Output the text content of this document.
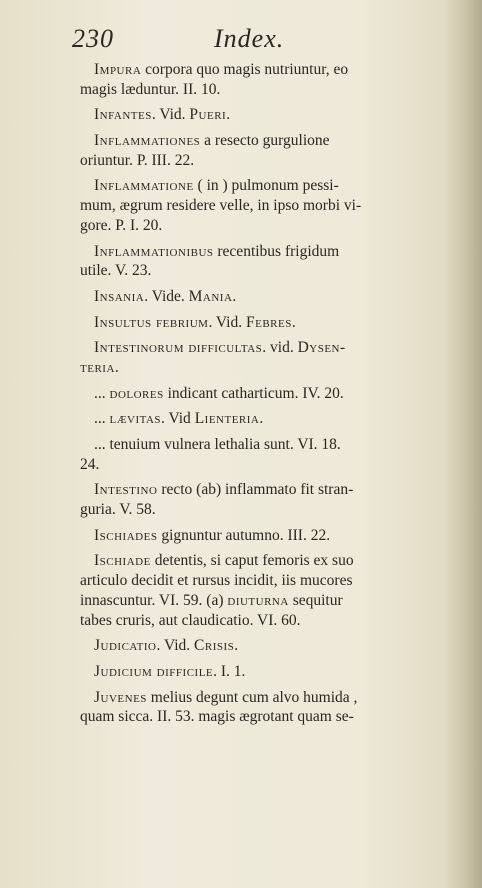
230	Index.
Impura corpora quo magis nutriuntur, eo
magis læduntur. II. 10.
Infantes. Vid. Pueri.
Inflammationes a resecto gurgulione
oriuntur. P. III. 22.
Inflammatione ( in ) pulmonum pessi-
mum, ægrum residere velle, in ipso morbi vi-
gore. P. I. 20.
Inflammationibus recentibus frigidum
utile. V. 23.
Insania. Vide. Mania.
Insultus febrium. Vid. Febres.
Intestinorum difficultas. vid. Dysen-
teria.
... dolores indicant catharticum. IV. 20.
... lævitas. Vid Lienteria.
... tenuium vulnera lethalia sunt. VI. 18.
24.
Intestino recto (ab) inflammato fit stran-
guria. V. 58.
Ischiades gignuntur autumno. III. 22.
Ischiade detentis, si caput femoris ex suo
articulo decidit et rursus incidit, iis mucores
innascuntur. VI. 59. (a) diuturna sequitur
tabes cruris, aut claudicatio. VI. 60.
Judicatio. Vid. Crisis.
Judicium difficile. I. 1.
Juvenes melius degunt cum alvo humida ,
quam sicca. II. 53. magis ægrotant quam se-
